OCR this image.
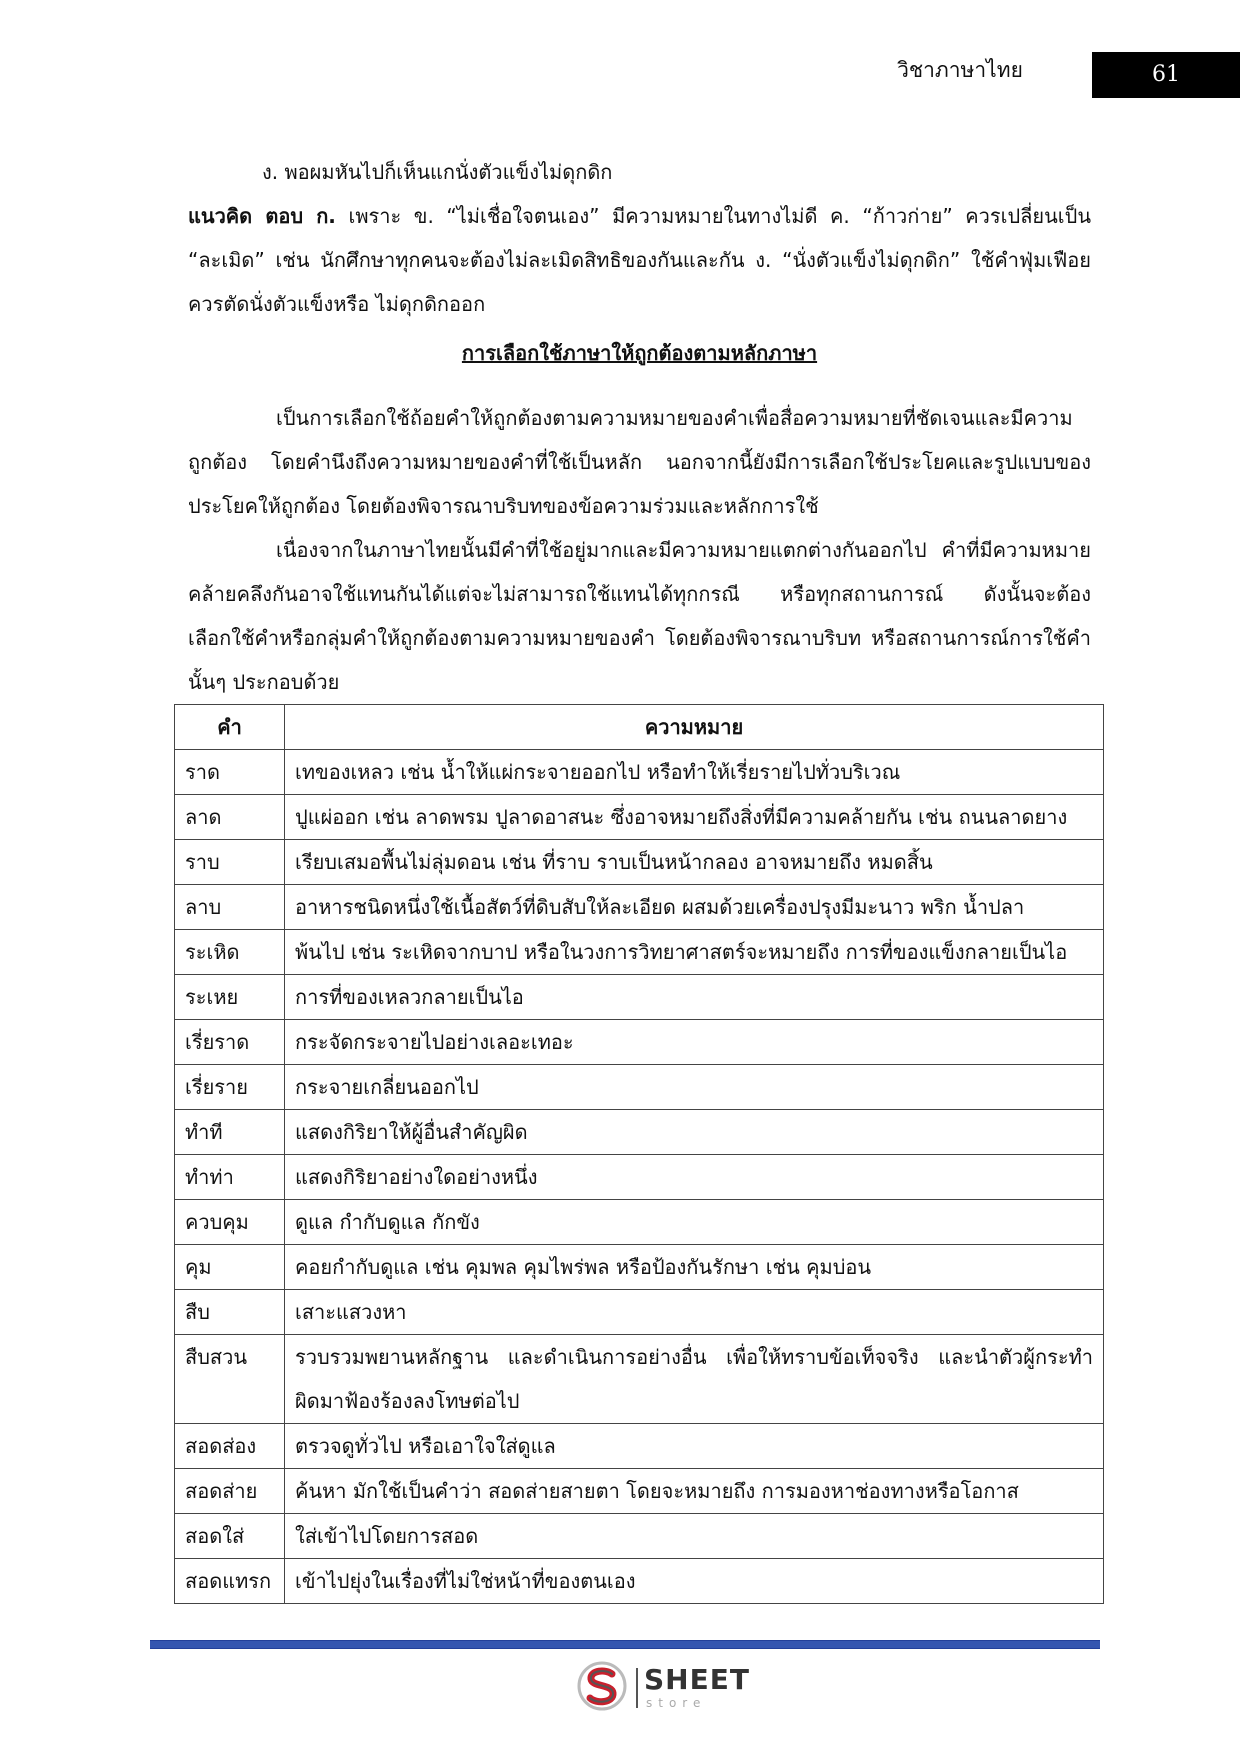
วิชาภาษาไทย	61
ง. พอผมหันไปก็เห็นแกนั่งตัวแข็งไม่ดุกดิก
แนวคิด ตอบ ก. เพราะ ข. “ไม่เชื่อใจตนเอง” มีความหมายในทางไม่ดี ค. “ก้าวก่าย” ควรเปลี่ยนเป็น
“ละเมิด” เช่น นักศึกษาทุกคนจะต้องไม่ละเมิดสิทธิของกันและกัน ง. “นั่งตัวแข็งไม่ดุกดิก” ใช้คำฟุ่มเฟือย
ควรตัดนั่งตัวแข็งหรือ ไม่ดุกดิกออก
การเลือกใช้ภาษาให้ถูกต้องตามหลักภาษา
เป็นการเลือกใช้ถ้อยคำให้ถูกต้องตามความหมายของคำเพื่อสื่อความหมายที่ชัดเจนและมีความ
ถูกต้อง โดยคำนึงถึงความหมายของคำที่ใช้เป็นหลัก นอกจากนี้ยังมีการเลือกใช้ประโยคและรูปแบบของ
ประโยคให้ถูกต้อง โดยต้องพิจารณาบริบทของข้อความร่วมและหลักการใช้
เนื่องจากในภาษาไทยนั้นมีคำที่ใช้อยู่มากและมีความหมายแตกต่างกันออกไป คำที่มีความหมาย
คล้ายคลึงกันอาจใช้แทนกันได้แต่จะไม่สามารถใช้แทนได้ทุกกรณี หรือทุกสถานการณ์ ดังนั้นจะต้อง
เลือกใช้คำหรือกลุ่มคำให้ถูกต้องตามความหมายของคำ โดยต้องพิจารณาบริบท หรือสถานการณ์การใช้คำ
นั้นๆ ประกอบด้วย
คำ	ความหมาย
ราด	เทของเหลว เช่น น้ำให้แผ่กระจายออกไป หรือทำให้เรี่ยรายไปทั่วบริเวณ
ลาด	ปูแผ่ออก เช่น ลาดพรม ปูลาดอาสนะ ซึ่งอาจหมายถึงสิ่งที่มีความคล้ายกัน เช่น ถนนลาดยาง
ราบ	เรียบเสมอพื้นไม่ลุ่มดอน เช่น ที่ราบ ราบเป็นหน้ากลอง อาจหมายถึง หมดสิ้น
ลาบ	อาหารชนิดหนึ่งใช้เนื้อสัตว์ที่ดิบสับให้ละเอียด ผสมด้วยเครื่องปรุงมีมะนาว พริก น้ำปลา
ระเหิด	พ้นไป เช่น ระเหิดจากบาป หรือในวงการวิทยาศาสตร์จะหมายถึง การที่ของแข็งกลายเป็นไอ
ระเหย	การที่ของเหลวกลายเป็นไอ
เรี่ยราด	กระจัดกระจายไปอย่างเลอะเทอะ
เรี่ยราย	กระจายเกลี่ยนออกไป
ทำที	แสดงกิริยาให้ผู้อื่นสำคัญผิด
ทำท่า	แสดงกิริยาอย่างใดอย่างหนึ่ง
ควบคุม	ดูแล กำกับดูแล กักขัง
คุม	คอยกำกับดูแล เช่น คุมพล คุมไพร่พล หรือป้องกันรักษา เช่น คุมบ่อน
สืบ	เสาะแสวงหา
สืบสวน	รวบรวมพยานหลักฐาน และดำเนินการอย่างอื่น เพื่อให้ทราบข้อเท็จจริง และนำตัวผู้กระทำ
ผิดมาฟ้องร้องลงโทษต่อไป

สอดส่อง	ตรวจดูทั่วไป หรือเอาใจใส่ดูแล
สอดส่าย	ค้นหา มักใช้เป็นคำว่า สอดส่ายสายตา โดยจะหมายถึง การมองหาช่องทางหรือโอกาส
สอดใส่	ใส่เข้าไปโดยการสอด
สอดแทรก	เข้าไปยุ่งในเรื่องที่ไม่ใช่หน้าที่ของตนเอง
SHEET
store
